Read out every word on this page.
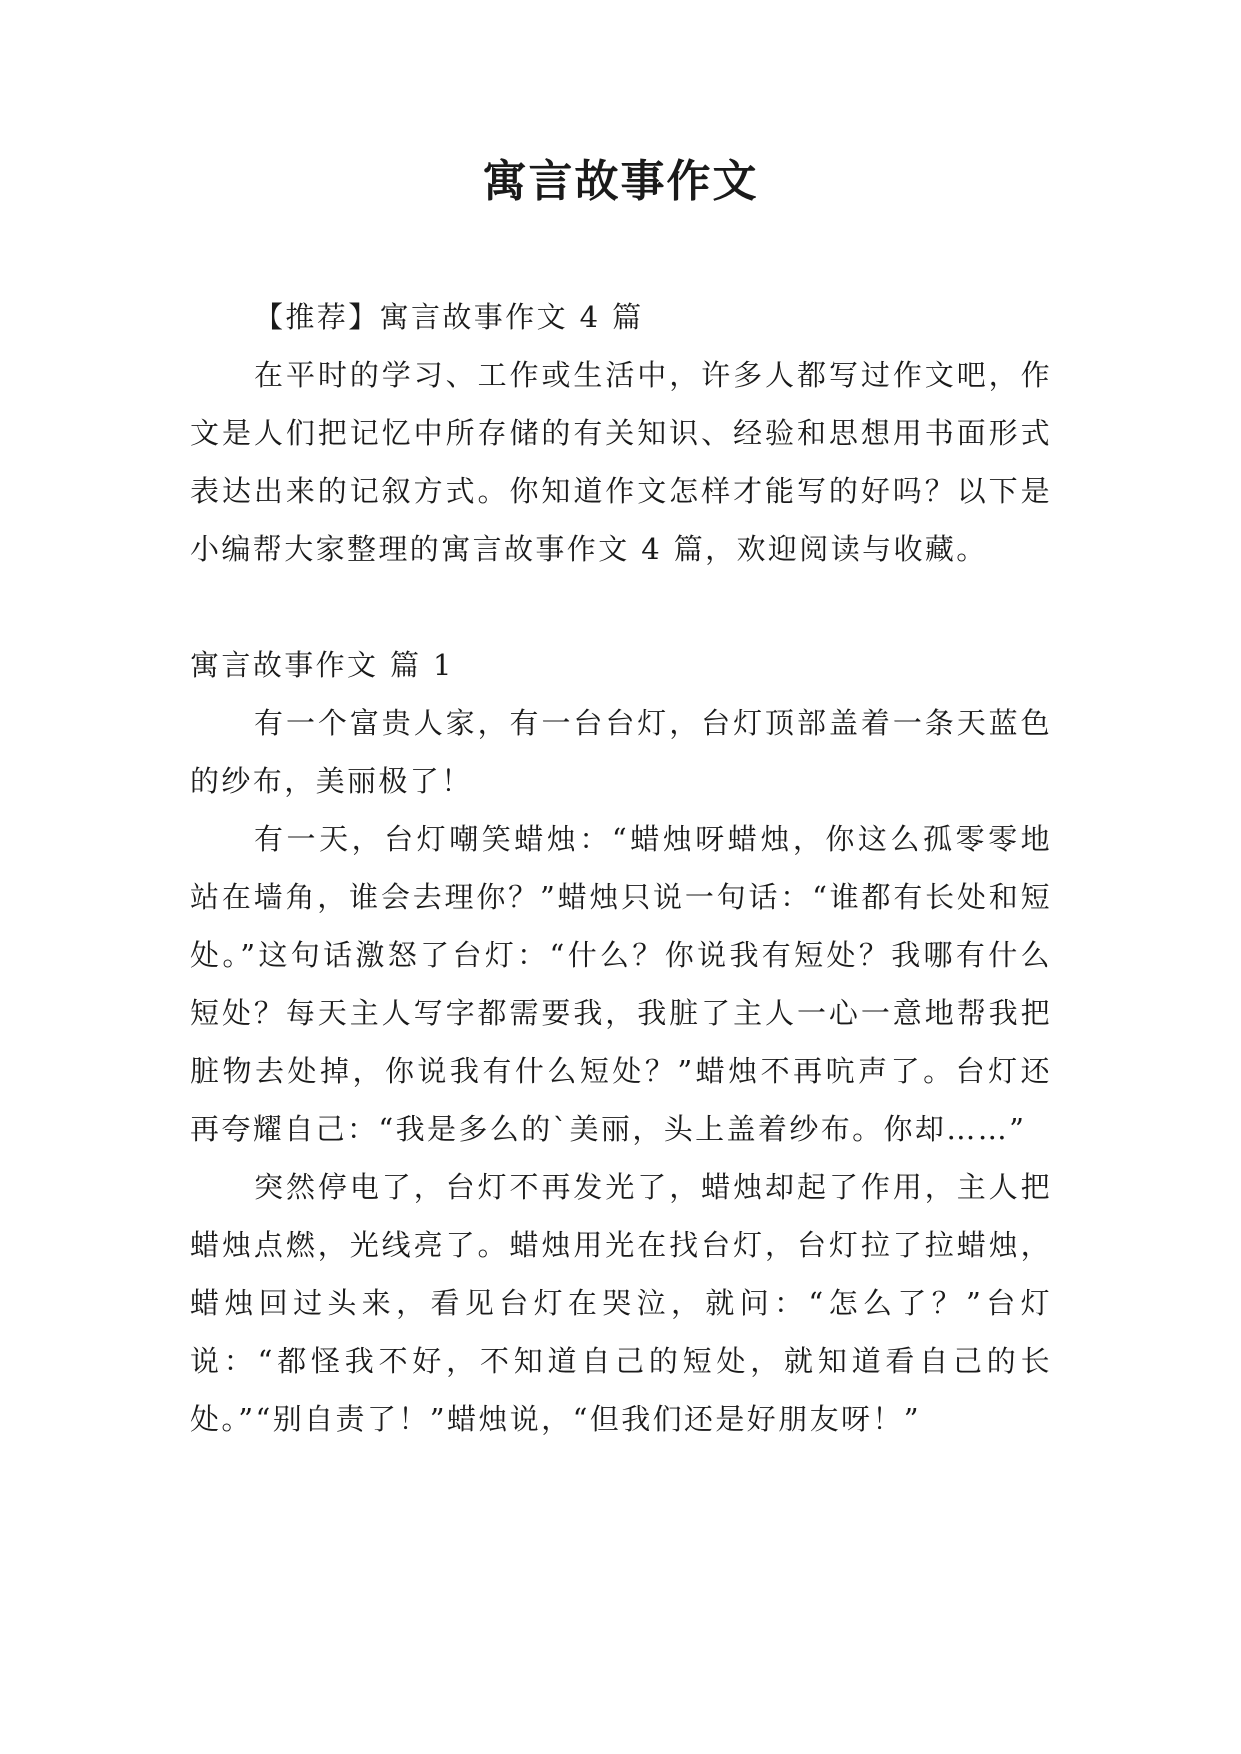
寓言故事作文

【推荐】寓言故事作文 4 篇

在平时的学习、工作或生活中，许多人都写过作文吧，作文是人们把记忆中所存储的有关知识、经验和思想用书面形式表达出来的记叙方式。你知道作文怎样才能写的好吗？以下是小编帮大家整理的寓言故事作文 4 篇，欢迎阅读与收藏。

寓言故事作文 篇 1

有一个富贵人家，有一台台灯，台灯顶部盖着一条天蓝色的纱布，美丽极了！

有一天，台灯嘲笑蜡烛：“蜡烛呀蜡烛，你这么孤零零地站在墙角，谁会去理你？”蜡烛只说一句话：“谁都有长处和短处。”这句话激怒了台灯：“什么？你说我有短处？我哪有什么短处？每天主人写字都需要我，我脏了主人一心一意地帮我把脏物去处掉，你说我有什么短处？”蜡烛不再吭声了。台灯还再夸耀自己：“我是多么的`美丽，头上盖着纱布。你却……”

突然停电了，台灯不再发光了，蜡烛却起了作用，主人把蜡烛点燃，光线亮了。蜡烛用光在找台灯，台灯拉了拉蜡烛，蜡烛回过头来，看见台灯在哭泣，就问：“怎么了？”台灯说：“都怪我不好，不知道自己的短处，就知道看自己的长处。”“别自责了！”蜡烛说，“但我们还是好朋友呀！”
